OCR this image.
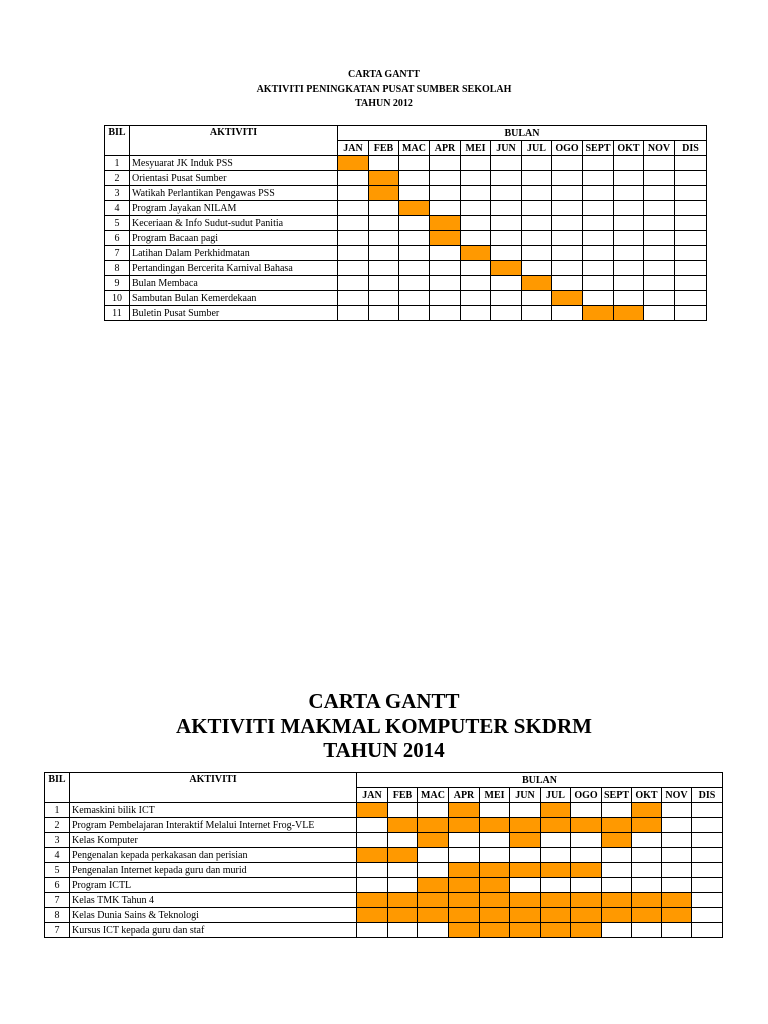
CARTA GANTT
AKTIVITI PENINGKATAN PUSAT SUMBER SEKOLAH
TAHUN 2012
BIL	AKTIVITI	BULAN											
		JAN	FEB	MAC	APR	MEI	JUN	JUL	OGO	SEPT	OKT	NOV	DIS
1	Mesyuarat JK Induk PSS												
2	Orientasi Pusat Sumber												
3	Watikah Perlantikan Pengawas PSS												
4	Program Jayakan NILAM												
5	Keceriaan & Info Sudut-sudut Panitia												
6	Program Bacaan pagi												
7	Latihan Dalam Perkhidmatan												
8	Pertandingan Bercerita Karnival Bahasa												
9	Bulan Membaca												
10	Sambutan Bulan Kemerdekaan												
11	Buletin Pusat Sumber												
CARTA GANTT
AKTIVITI MAKMAL KOMPUTER SKDRM
TAHUN 2014
BIL	AKTIVITI	BULAN											
		JAN	FEB	MAC	APR	MEI	JUN	JUL	OGO	SEPT	OKT	NOV	DIS
1	Kemaskini bilik ICT												
2	Program Pembelajaran Interaktif Melalui Internet Frog-VLE												
3	Kelas Komputer												
4	Pengenalan kepada perkakasan dan perisian												
5	Pengenalan Internet kepada guru dan murid												
6	Program ICTL												
7	Kelas TMK Tahun 4												
8	Kelas Dunia Sains & Teknologi												
7	Kursus ICT kepada guru dan staf												
